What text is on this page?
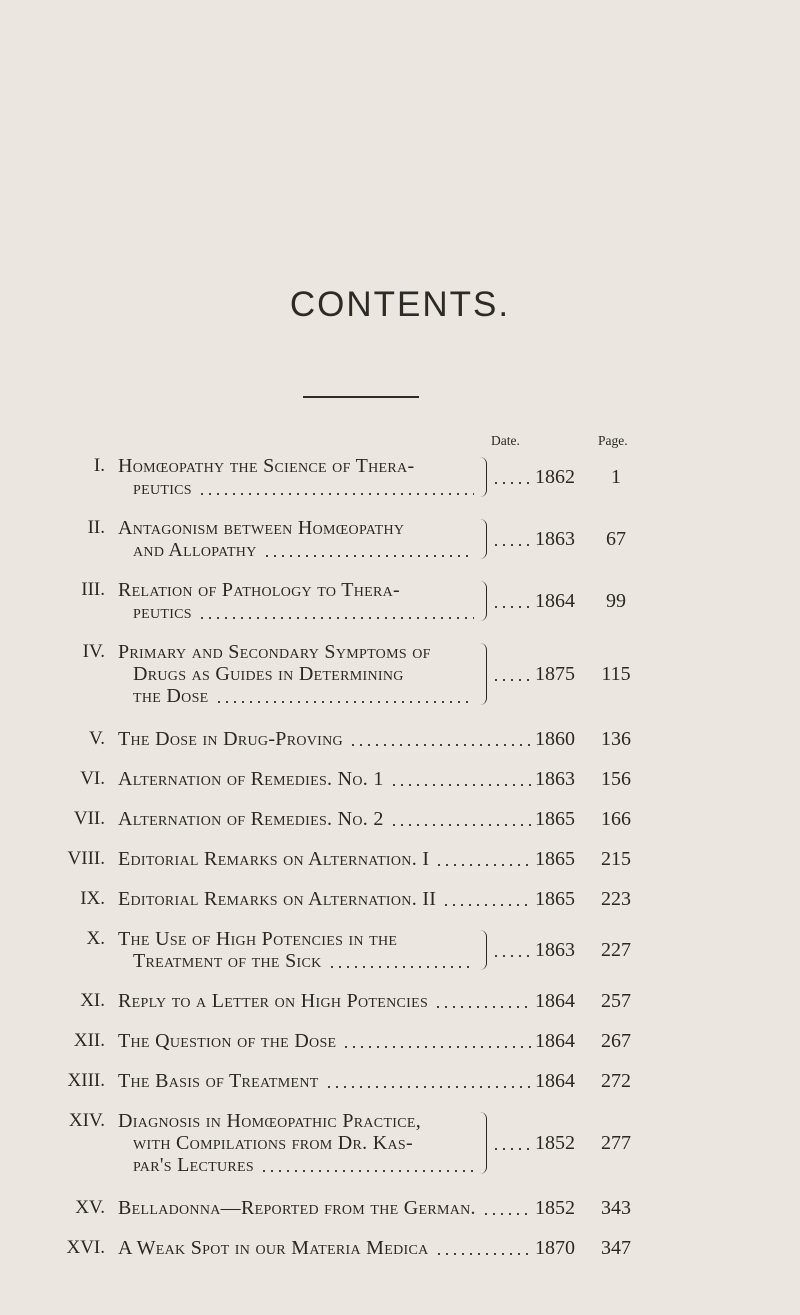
CONTENTS.
Date.	Page.
I. Homœopathy the Science of Thera-
peutics	1862	1
II. Antagonism between Homœopathy
and Allopathy	1863	67
III. Relation of Pathology to Thera-
peutics	1864	99
IV. Primary and Secondary Symptoms of
Drugs as Guides in Determining
the Dose
1875	115
V. The Dose in Drug-Proving	1860	136
VI. Alternation of Remedies. No. 1	1863	156
VII. Alternation of Remedies. No. 2	1865	166
VIII. Editorial Remarks on Alternation. I	1865	215
IX. Editorial Remarks on Alternation. II	1865	223
X. The Use of High Potencies in the
Treatment of the Sick	1863	227
XI. Reply to a Letter on High Potencies	1864	257
XII. The Question of the Dose	1864	267
XIII. The Basis of Treatment	1864	272
XIV. Diagnosis in Homœopathic Practice,
with Compilations from Dr. Kas-
par's Lectures
1852	277
XV. Belladonna—Reported from the German.	1852	343
XVI. A Weak Spot in our Materia Medica	1870	347
